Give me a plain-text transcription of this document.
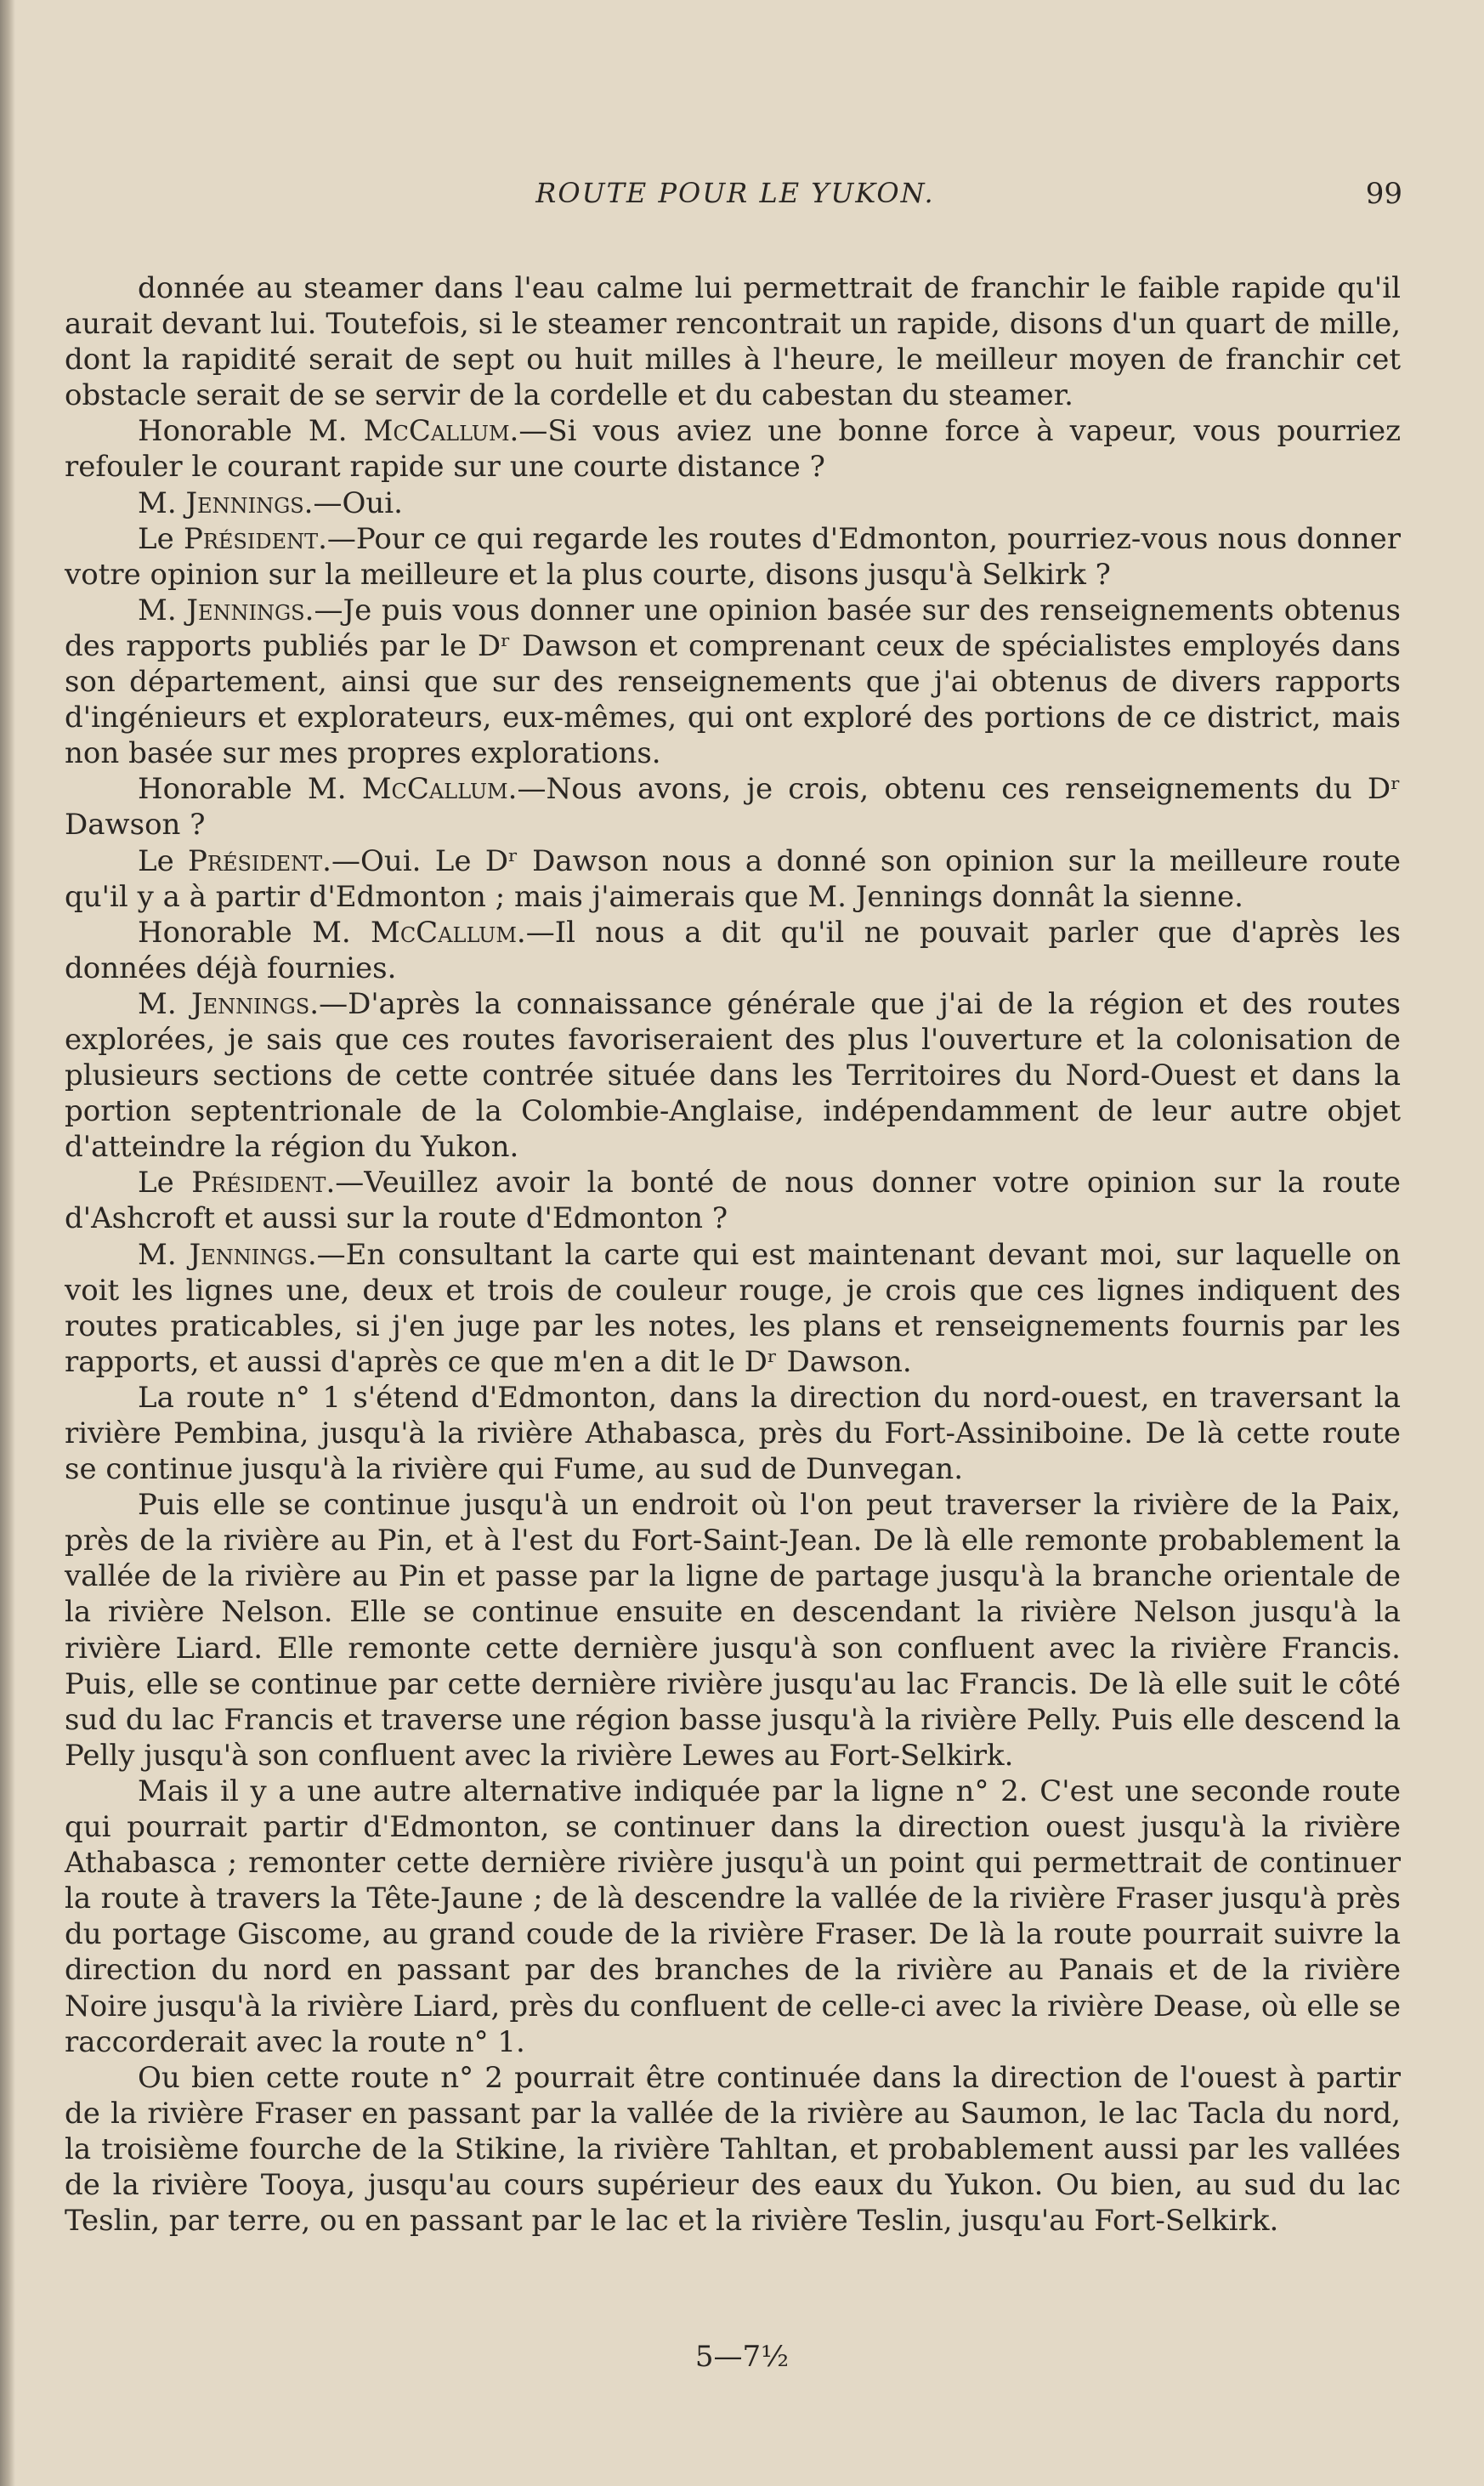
ROUTE POUR LE YUKON.	99

donnée au steamer dans l'eau calme lui permettrait de franchir le faible rapide qu'il aurait devant lui. Toutefois, si le steamer rencontrait un rapide, disons d'un quart de mille, dont la rapidité serait de sept ou huit milles à l'heure, le meilleur moyen de franchir cet obstacle serait de se servir de la cordelle et du cabestan du steamer.

Honorable M. McCallum.—Si vous aviez une bonne force à vapeur, vous pourriez refouler le courant rapide sur une courte distance ?

M. Jennings.—Oui.

Le Président.—Pour ce qui regarde les routes d'Edmonton, pourriez-vous nous donner votre opinion sur la meilleure et la plus courte, disons jusqu'à Selkirk ?

M. Jennings.—Je puis vous donner une opinion basée sur des renseignements obtenus des rapports publiés par le Dʳ Dawson et comprenant ceux de spécialistes employés dans son département, ainsi que sur des renseignements que j'ai obtenus de divers rapports d'ingénieurs et explorateurs, eux-mêmes, qui ont exploré des portions de ce district, mais non basée sur mes propres explorations.

Honorable M. McCallum.—Nous avons, je crois, obtenu ces renseignements du Dʳ Dawson ?

Le Président.—Oui. Le Dʳ Dawson nous a donné son opinion sur la meilleure route qu'il y a à partir d'Edmonton ; mais j'aimerais que M. Jennings donnât la sienne.

Honorable M. McCallum.—Il nous a dit qu'il ne pouvait parler que d'après les données déjà fournies.

M. Jennings.—D'après la connaissance générale que j'ai de la région et des routes explorées, je sais que ces routes favoriseraient des plus l'ouverture et la colonisation de plusieurs sections de cette contrée située dans les Territoires du Nord-Ouest et dans la portion septentrionale de la Colombie-Anglaise, indépendamment de leur autre objet d'atteindre la région du Yukon.

Le Président.—Veuillez avoir la bonté de nous donner votre opinion sur la route d'Ashcroft et aussi sur la route d'Edmonton ?

M. Jennings.—En consultant la carte qui est maintenant devant moi, sur laquelle on voit les lignes une, deux et trois de couleur rouge, je crois que ces lignes indiquent des routes praticables, si j'en juge par les notes, les plans et renseignements fournis par les rapports, et aussi d'après ce que m'en a dit le Dʳ Dawson.

La route n° 1 s'étend d'Edmonton, dans la direction du nord-ouest, en traversant la rivière Pembina, jusqu'à la rivière Athabasca, près du Fort-Assiniboine. De là cette route se continue jusqu'à la rivière qui Fume, au sud de Dunvegan.

Puis elle se continue jusqu'à un endroit où l'on peut traverser la rivière de la Paix, près de la rivière au Pin, et à l'est du Fort-Saint-Jean. De là elle remonte probablement la vallée de la rivière au Pin et passe par la ligne de partage jusqu'à la branche orientale de la rivière Nelson. Elle se continue ensuite en descendant la rivière Nelson jusqu'à la rivière Liard. Elle remonte cette dernière jusqu'à son confluent avec la rivière Francis. Puis, elle se continue par cette dernière rivière jusqu'au lac Francis. De là elle suit le côté sud du lac Francis et traverse une région basse jusqu'à la rivière Pelly. Puis elle descend la Pelly jusqu'à son confluent avec la rivière Lewes au Fort-Selkirk.

Mais il y a une autre alternative indiquée par la ligne n° 2. C'est une seconde route qui pourrait partir d'Edmonton, se continuer dans la direction ouest jusqu'à la rivière Athabasca ; remonter cette dernière rivière jusqu'à un point qui permettrait de continuer la route à travers la Tête-Jaune ; de là descendre la vallée de la rivière Fraser jusqu'à près du portage Giscome, au grand coude de la rivière Fraser. De là la route pourrait suivre la direction du nord en passant par des branches de la rivière au Panais et de la rivière Noire jusqu'à la rivière Liard, près du confluent de celle-ci avec la rivière Dease, où elle se raccorderait avec la route n° 1.

Ou bien cette route n° 2 pourrait être continuée dans la direction de l'ouest à partir de la rivière Fraser en passant par la vallée de la rivière au Saumon, le lac Tacla du nord, la troisième fourche de la Stikine, la rivière Tahltan, et probablement aussi par les vallées de la rivière Tooya, jusqu'au cours supérieur des eaux du Yukon. Ou bien, au sud du lac Teslin, par terre, ou en passant par le lac et la rivière Teslin, jusqu'au Fort-Selkirk.

5—7½
